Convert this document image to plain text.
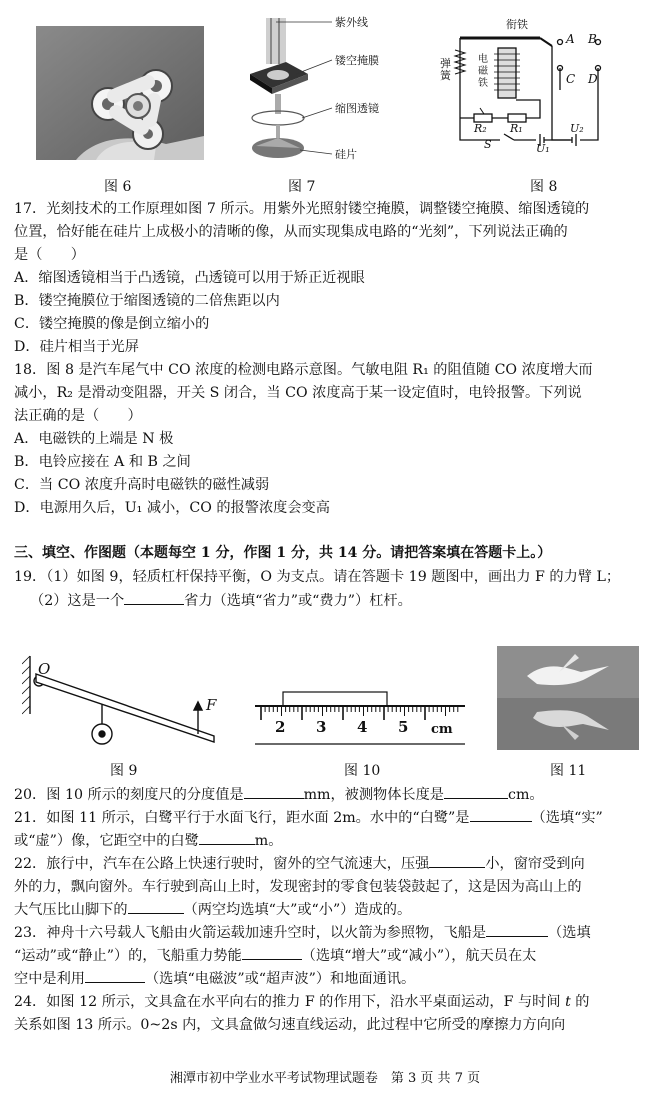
图 6
紫外线
镂空掩膜
缩图透镜
硅片
图 7
衔铁
弹簧
电磁铁
A B
C D
R₂ R₁
S	U₁
U₂
图 8
17．光刻技术的工作原理如图 7 所示。用紫外光照射镂空掩膜，调整镂空掩膜、缩图透镜的
位置，恰好能在硅片上成极小的清晰的像，从而实现集成电路的“光刻”，下列说法正确的
是（　　）
A．缩图透镜相当于凸透镜，凸透镜可以用于矫正近视眼
B．镂空掩膜位于缩图透镜的二倍焦距以内
C．镂空掩膜的像是倒立缩小的
D．硅片相当于光屏
18．图 8 是汽车尾气中 CO 浓度的检测电路示意图。气敏电阻 R₁ 的阻值随 CO 浓度增大而
减小，R₂ 是滑动变阻器，开关 S 闭合，当 CO 浓度高于某一设定值时，电铃报警。下列说
法正确的是（　　）
A．电磁铁的上端是 N 极
B．电铃应接在 A 和 B 之间
C．当 CO 浓度升高时电磁铁的磁性减弱
D．电源用久后，U₁ 减小，CO 的报警浓度会变高
三、填空、作图题（本题每空 1 分，作图 1 分，共 14 分。请把答案填在答题卡上。）
19．（1）如图 9，轻质杠杆保持平衡，O 为支点。请在答题卡 19 题图中，画出力 F 的力臂 L；
（2）这是一个	省力（选填“省力”或“费力”）杠杆。
O
F
图 9
2 3 4 5 cm
图 10	图 11
20．图 10 所示的刻度尺的分度值是	mm，被测物体长度是	cm。
21．如图 11 所示，白鹭平行于水面飞行，距水面 2m。水中的“白鹭”是	（选填“实”
或“虚”）像，它距空中的白鹭	m。
22．旅行中，汽车在公路上快速行驶时，窗外的空气流速大，压强	小，窗帘受到向
外的力，飘向窗外。车行驶到高山上时，发现密封的零食包装袋鼓起了，这是因为高山上的
大气压比山脚下的	（两空均选填“大”或“小”）造成的。
23．神舟十六号载人飞船由火箭运载加速升空时，以火箭为参照物，飞船是	（选填
“运动”或“静止”）的，飞船重力势能	（选填“增大”或“减小”），航天员在太
空中是利用	（选填“电磁波”或“超声波”）和地面通讯。
24．如图 12 所示，文具盒在水平向右的推力 F 的作用下，沿水平桌面运动，F 与时间 t 的
关系如图 13 所示。0~2s 内，文具盒做匀速直线运动，此过程中它所受的摩擦力方向向
湘潭市初中学业水平考试物理试题卷　第 3 页 共 7 页
